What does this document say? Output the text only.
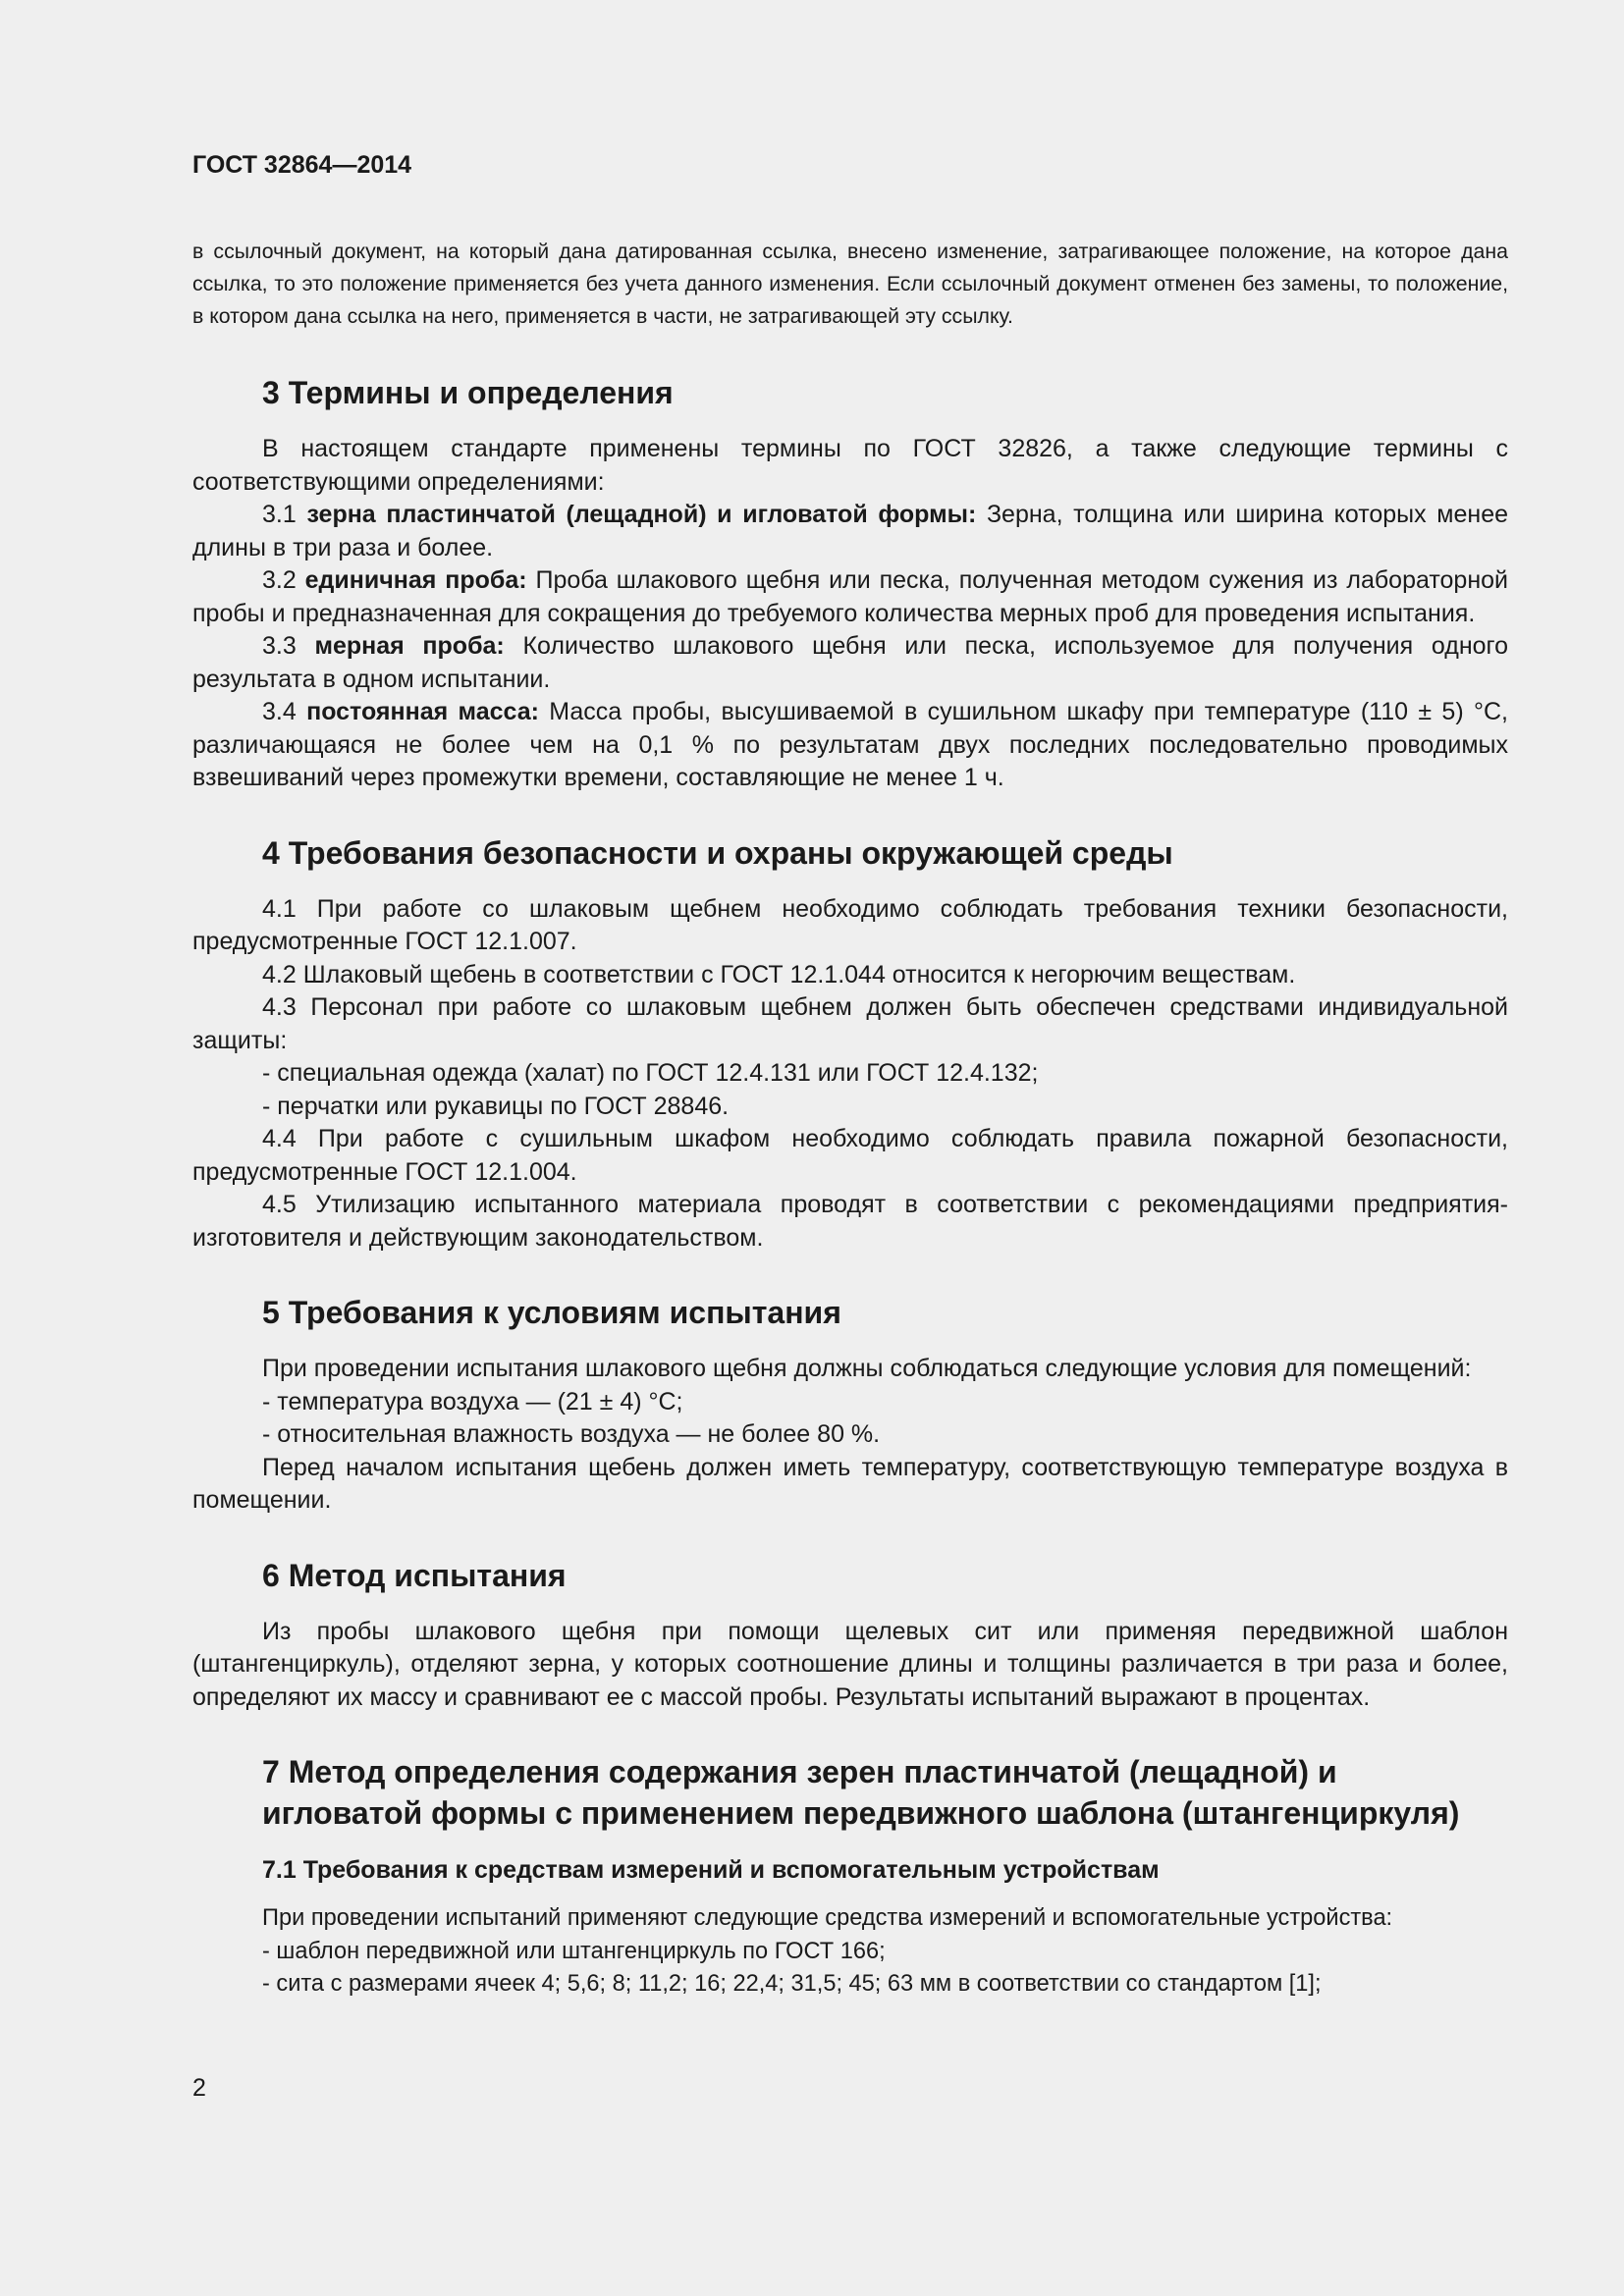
ГОСТ 32864—2014

в ссылочный документ, на который дана датированная ссылка, внесено изменение, затрагивающее положение, на которое дана ссылка, то это положение применяется без учета данного изменения. Если ссылочный документ отменен без замены, то положение, в котором дана ссылка на него, применяется в части, не затрагивающей эту ссылку.

3 Термины и определения

В настоящем стандарте применены термины по ГОСТ 32826, а также следующие термины с соответствующими определениями:

3.1 зерна пластинчатой (лещадной) и игловатой формы: Зерна, толщина или ширина которых менее длины в три раза и более.

3.2 единичная проба: Проба шлакового щебня или песка, полученная методом сужения из лабораторной пробы и предназначенная для сокращения до требуемого количества мерных проб для проведения испытания.

3.3 мерная проба: Количество шлакового щебня или песка, используемое для получения одного результата в одном испытании.

3.4 постоянная масса: Масса пробы, высушиваемой в сушильном шкафу при температуре (110 ± 5) °С, различающаяся не более чем на 0,1 % по результатам двух последних последовательно проводимых взвешиваний через промежутки времени, составляющие не менее 1 ч.

4 Требования безопасности и охраны окружающей среды

4.1 При работе со шлаковым щебнем необходимо соблюдать требования техники безопасности, предусмотренные ГОСТ 12.1.007.

4.2 Шлаковый щебень в соответствии с ГОСТ 12.1.044 относится к негорючим веществам.

4.3 Персонал при работе со шлаковым щебнем должен быть обеспечен средствами индивидуальной защиты:

- специальная одежда (халат) по ГОСТ 12.4.131 или ГОСТ 12.4.132;

- перчатки или рукавицы по ГОСТ 28846.

4.4 При работе с сушильным шкафом необходимо соблюдать правила пожарной безопасности, предусмотренные ГОСТ 12.1.004.

4.5 Утилизацию испытанного материала проводят в соответствии с рекомендациями предприятия-изготовителя и действующим законодательством.

5 Требования к условиям испытания

При проведении испытания шлакового щебня должны соблюдаться следующие условия для помещений:

- температура воздуха — (21 ± 4) °С;

- относительная влажность воздуха — не более 80 %.

Перед началом испытания щебень должен иметь температуру, соответствующую температуре воздуха в помещении.

6 Метод испытания

Из пробы шлакового щебня при помощи щелевых сит или применяя передвижной шаблон (штангенциркуль), отделяют зерна, у которых соотношение длины и толщины различается в три раза и более, определяют их массу и сравнивают ее с массой пробы. Результаты испытаний выражают в процентах.

7 Метод определения содержания зерен пластинчатой (лещадной) и
игловатой формы с применением передвижного шаблона (штангенциркуля)
7.1 Требования к средствам измерений и вспомогательным устройствам

При проведении испытаний применяют следующие средства измерений и вспомогательные устройства:

- шаблон передвижной или штангенциркуль по ГОСТ 166;

- сита с размерами ячеек 4; 5,6; 8; 11,2; 16; 22,4; 31,5; 45; 63 мм в соответствии со стандартом [1];

2
